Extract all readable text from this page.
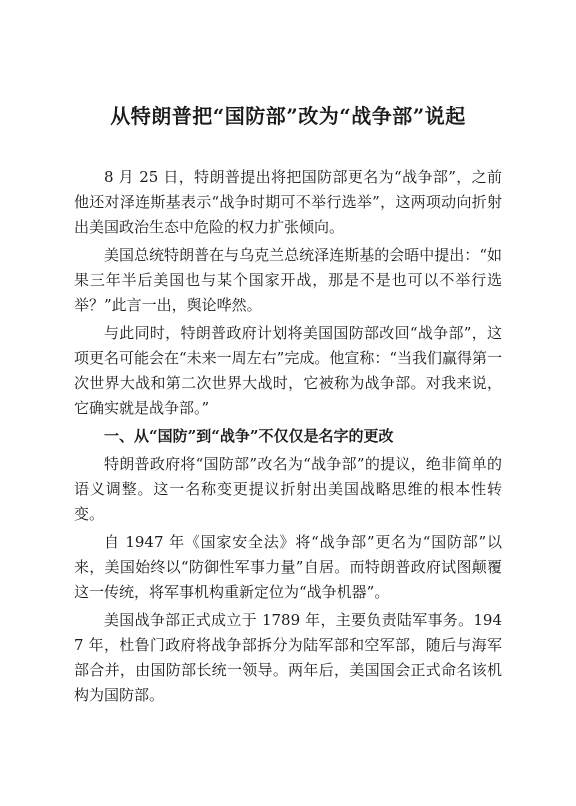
从特朗普把“国防部”改为“战争部”说起

8 月 25 日，特朗普提出将把国防部更名为“战争部”，之前他还对泽连斯基表示“战争时期可不举行选举”，这两项动向折射出美国政治生态中危险的权力扩张倾向。

美国总统特朗普在与乌克兰总统泽连斯基的会晤中提出：“如果三年半后美国也与某个国家开战，那是不是也可以不举行选举？”此言一出，舆论哗然。

与此同时，特朗普政府计划将美国国防部改回“战争部”，这项更名可能会在“未来一周左右”完成。他宣称：“当我们赢得第一次世界大战和第二次世界大战时，它被称为战争部。对我来说，它确实就是战争部。”

一、从“国防”到“战争”不仅仅是名字的更改

特朗普政府将“国防部”改名为“战争部”的提议，绝非简单的语义调整。这一名称变更提议折射出美国战略思维的根本性转变。

自 1947 年《国家安全法》将“战争部”更名为“国防部”以来，美国始终以“防御性军事力量”自居。而特朗普政府试图颠覆这一传统，将军事机构重新定位为“战争机器”。

美国战争部正式成立于 1789 年，主要负责陆军事务。1947 年，杜鲁门政府将战争部拆分为陆军部和空军部，随后与海军部合并，由国防部长统一领导。两年后，美国国会正式命名该机构为国防部。
